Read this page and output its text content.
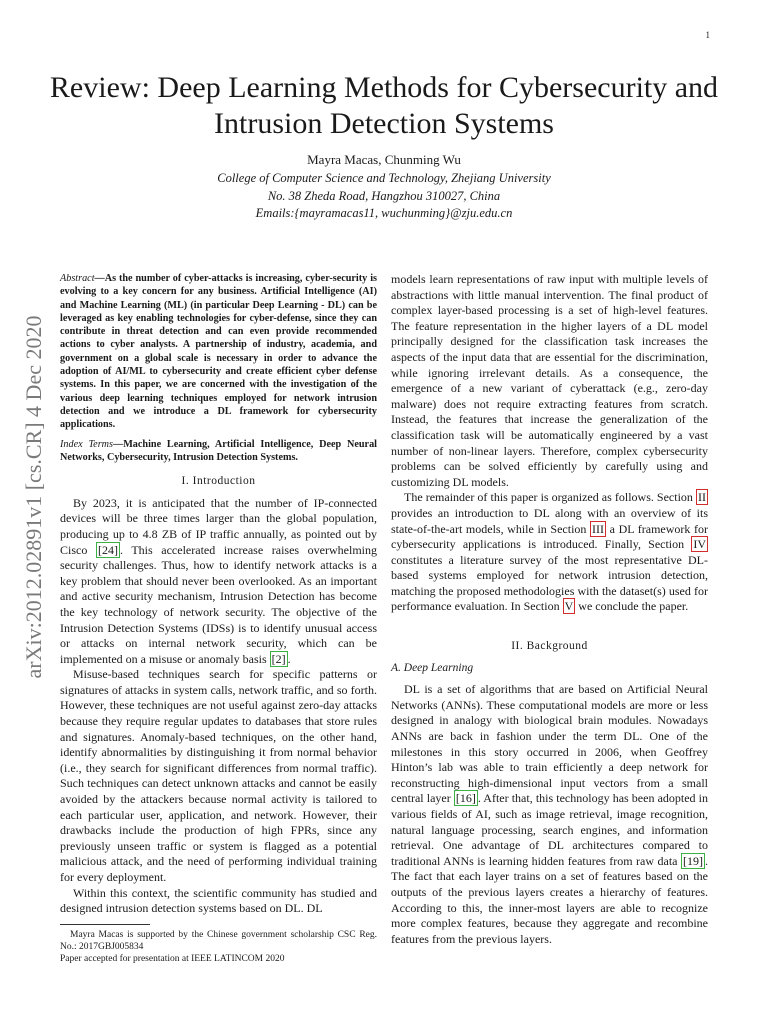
1
Review: Deep Learning Methods for Cybersecurity and Intrusion Detection Systems
Mayra Macas, Chunming Wu
College of Computer Science and Technology, Zhejiang University
No. 38 Zheda Road, Hangzhou 310027, China
Emails:{mayramacas11, wuchunming}@zju.edu.cn
arXiv:2012.02891v1 [cs.CR] 4 Dec 2020
Abstract—As the number of cyber-attacks is increasing, cyber-security is evolving to a key concern for any business. Artificial Intelligence (AI) and Machine Learning (ML) (in particular Deep Learning - DL) can be leveraged as key enabling technologies for cyber-defense, since they can contribute in threat detection and can even provide recommended actions to cyber analysts. A partnership of industry, academia, and government on a global scale is necessary in order to advance the adoption of AI/ML to cybersecurity and create efficient cyber defense systems. In this paper, we are concerned with the investigation of the various deep learning techniques employed for network intrusion detection and we introduce a DL framework for cybersecurity applications.
Index Terms—Machine Learning, Artificial Intelligence, Deep Neural Networks, Cybersecurity, Intrusion Detection Systems.
I. Introduction

By 2023, it is anticipated that the number of IP-connected devices will be three times larger than the global population, producing up to 4.8 ZB of IP traffic annually, as pointed out by Cisco [24] . This accelerated increase raises overwhelming security challenges. Thus, how to identify network attacks is a key problem that should never been overlooked. As an important and active security mechanism, Intrusion Detection has become the key technology of network security. The objective of the Intrusion Detection Systems (IDSs) is to identify unusual access or attacks on internal network security, which can be implemented on a misuse or anomaly basis [2] .

Misuse-based techniques search for specific patterns or signatures of attacks in system calls, network traffic, and so forth. However, these techniques are not useful against zero-day attacks because they require regular updates to databases that store rules and signatures. Anomaly-based techniques, on the other hand, identify abnormalities by distinguishing it from normal behavior (i.e., they search for significant differences from normal traffic). Such techniques can detect unknown attacks and cannot be easily avoided by the attackers because normal activity is tailored to each particular user, application, and network. However, their drawbacks include the production of high FPRs, since any previously unseen traffic or system is flagged as a potential malicious attack, and the need of performing individual training for every deployment.

Within this context, the scientific community has studied and designed intrusion detection systems based on DL. DL

Mayra Macas is supported by the Chinese government scholarship CSC Reg. No.: 2017GBJ005834
Paper accepted for presentation at IEEE LATINCOM 2020

models learn representations of raw input with multiple levels of abstractions with little manual intervention. The final product of complex layer-based processing is a set of high-level features. The feature representation in the higher layers of a DL model principally designed for the classification task increases the aspects of the input data that are essential for the discrimination, while ignoring irrelevant details. As a consequence, the emergence of a new variant of cyberattack (e.g., zero-day malware) does not require extracting features from scratch. Instead, the features that increase the generalization of the classification task will be automatically engineered by a vast number of non-linear layers. Therefore, complex cybersecurity problems can be solved efficiently by carefully using and customizing DL models.

The remainder of this paper is organized as follows. Section II provides an introduction to DL along with an overview of its state-of-the-art models, while in Section III a DL framework for cybersecurity applications is introduced. Finally, Section IV constitutes a literature survey of the most representative DL-based systems employed for network intrusion detection, matching the proposed methodologies with the dataset(s) used for performance evaluation. In Section V we conclude the paper.

II. Background
A. Deep Learning

DL is a set of algorithms that are based on Artificial Neural Networks (ANNs). These computational models are more or less designed in analogy with biological brain modules. Nowadays ANNs are back in fashion under the term DL. One of the milestones in this story occurred in 2006, when Geoffrey Hinton’s lab was able to train efficiently a deep network for reconstructing high-dimensional input vectors from a small central layer [16] . After that, this technology has been adopted in various fields of AI, such as image retrieval, image recognition, natural language processing, search engines, and information retrieval. One advantage of DL architectures compared to traditional ANNs is learning hidden features from raw data [19] . The fact that each layer trains on a set of features based on the outputs of the previous layers creates a hierarchy of features. According to this, the inner-most layers are able to recognize more complex features, because they aggregate and recombine features from the previous layers.
